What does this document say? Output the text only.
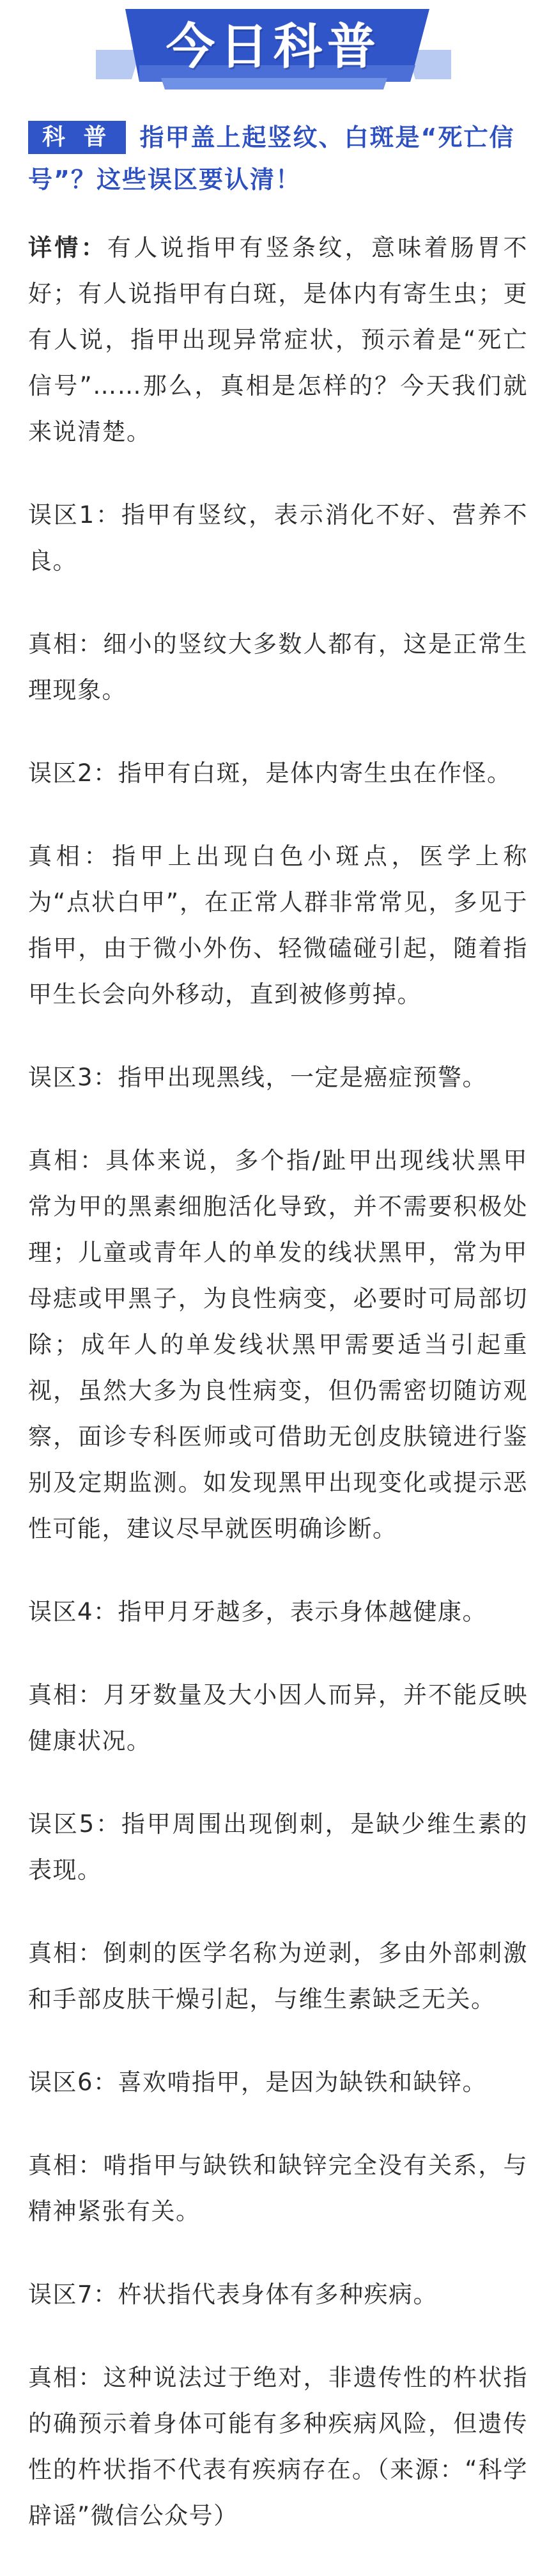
今日科普
科 普 指甲盖上起竖纹、白斑是“死亡信号”？这些误区要认清！

详情：有人说指甲有竖条纹，意味着肠胃不好；有人说指甲有白斑，是体内有寄生虫；更有人说，指甲出现异常症状，预示着是“死亡信号”……那么，真相是怎样的？今天我们就来说清楚。

误区1：指甲有竖纹，表示消化不好、营养不良。

真相：细小的竖纹大多数人都有，这是正常生理现象。

误区2：指甲有白斑，是体内寄生虫在作怪。

真相：指甲上出现白色小斑点，医学上称为“点状白甲”，在正常人群非常常见，多见于指甲，由于微小外伤、轻微磕碰引起，随着指甲生长会向外移动，直到被修剪掉。

误区3：指甲出现黑线，一定是癌症预警。

真相：具体来说，多个指/趾甲出现线状黑甲常为甲的黑素细胞活化导致，并不需要积极处理；儿童或青年人的单发的线状黑甲，常为甲母痣或甲黑子，为良性病变，必要时可局部切除；成年人的单发线状黑甲需要适当引起重视，虽然大多为良性病变，但仍需密切随访观察，面诊专科医师或可借助无创皮肤镜进行鉴别及定期监测。如发现黑甲出现变化或提示恶性可能，建议尽早就医明确诊断。

误区4：指甲月牙越多，表示身体越健康。

真相：月牙数量及大小因人而异，并不能反映健康状况。

误区5：指甲周围出现倒刺，是缺少维生素的表现。

真相：倒刺的医学名称为逆剥，多由外部刺激和手部皮肤干燥引起，与维生素缺乏无关。

误区6：喜欢啃指甲，是因为缺铁和缺锌。

真相：啃指甲与缺铁和缺锌完全没有关系，与精神紧张有关。

误区7：杵状指代表身体有多种疾病。

真相：这种说法过于绝对，非遗传性的杵状指的确预示着身体可能有多种疾病风险，但遗传性的杵状指不代表有疾病存在。（来源：“科学辟谣”微信公众号）
